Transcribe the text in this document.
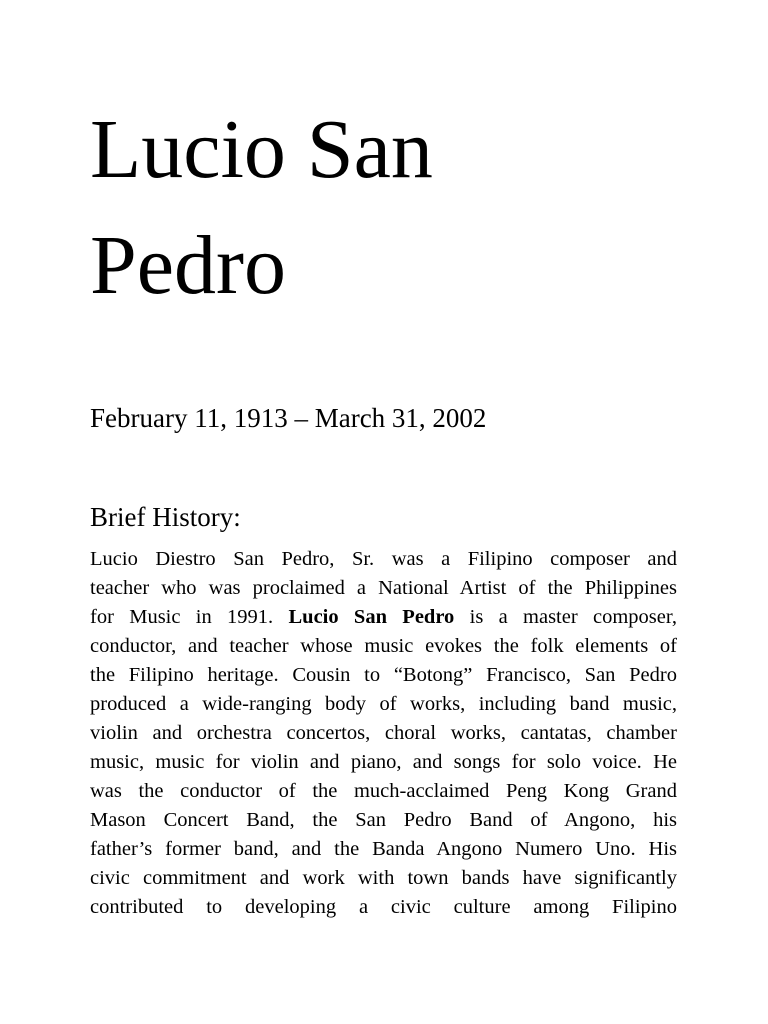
Lucio San
Pedro

February 11, 1913 – March 31, 2002

Brief History:
Lucio Diestro San Pedro, Sr. was a Filipino composer and
teacher who was proclaimed a National Artist of the Philippines
for Music in 1991. Lucio San Pedro is a master composer,
conductor, and teacher whose music evokes the folk elements of
the Filipino heritage. Cousin to “Botong” Francisco, San Pedro
produced a wide-ranging body of works, including band music,
violin and orchestra concertos, choral works, cantatas, chamber
music, music for violin and piano, and songs for solo voice. He
was the conductor of the much-acclaimed Peng Kong Grand
Mason Concert Band, the San Pedro Band of Angono, his
father’s former band, and the Banda Angono Numero Uno. His
civic commitment and work with town bands have significantly
contributed to developing a civic culture among Filipino
